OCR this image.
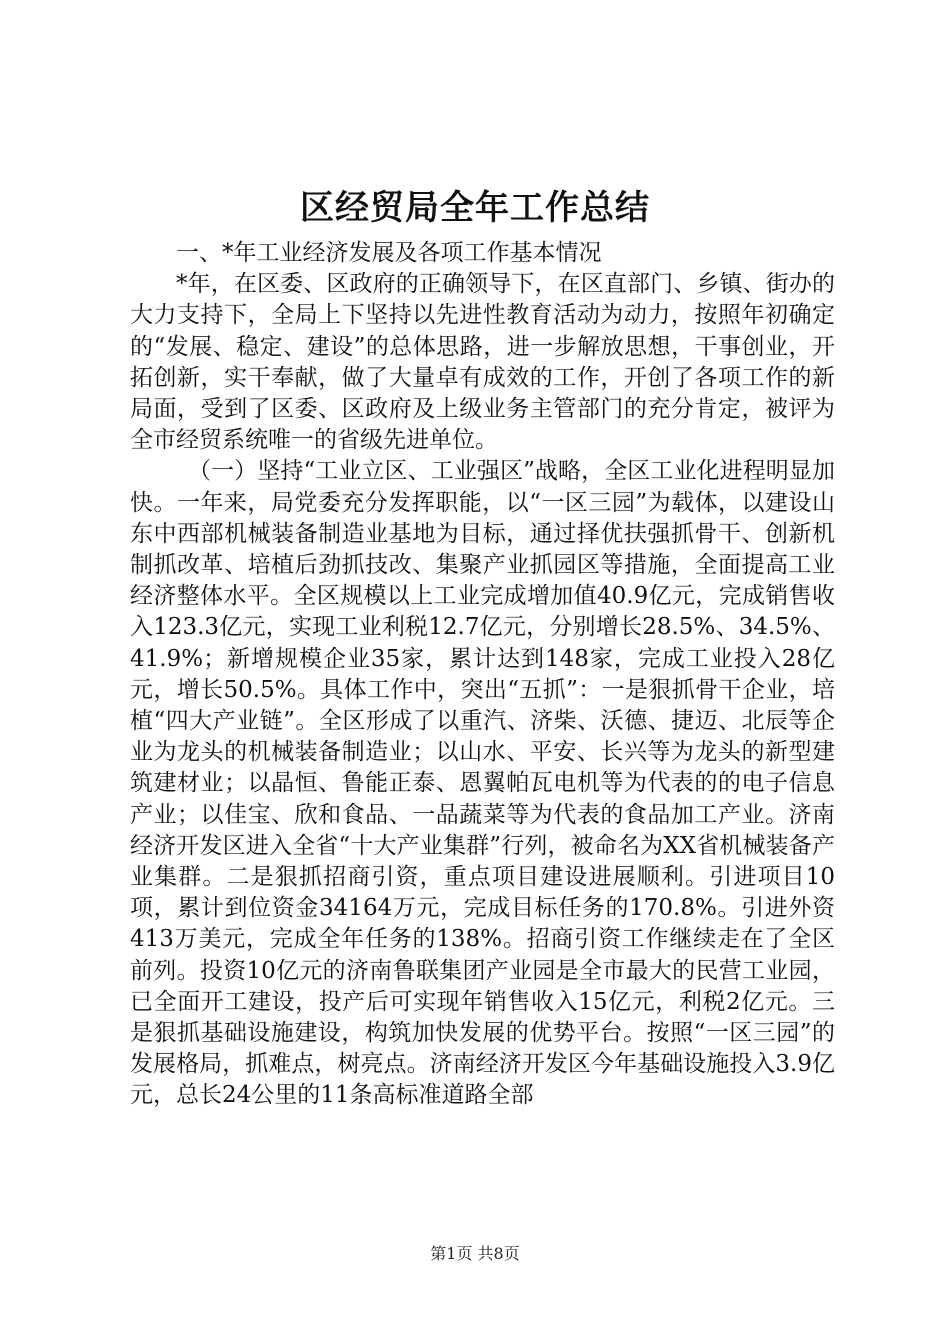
区经贸局全年工作总结

一、*年工业经济发展及各项工作基本情况

*年，在区委、区政府的正确领导下，在区直部门、乡镇、街办的大力支持下，全局上下坚持以先进性教育活动为动力，按照年初确定的“发展、稳定、建设”的总体思路，进一步解放思想，干事创业，开拓创新，实干奉献，做了大量卓有成效的工作，开创了各项工作的新局面，受到了区委、区政府及上级业务主管部门的充分肯定，被评为全市经贸系统唯一的省级先进单位。

（一）坚持“工业立区、工业强区”战略，全区工业化进程明显加快。一年来，局党委充分发挥职能，以“一区三园”为载体，以建设山东中西部机械装备制造业基地为目标，通过择优扶强抓骨干、创新机制抓改革、培植后劲抓技改、集聚产业抓园区等措施，全面提高工业经济整体水平。全区规模以上工业完成增加值40.9亿元，完成销售收入123.3亿元，实现工业利税12.7亿元，分别增长28.5%、34.5%、41.9%；新增规模企业35家，累计达到148家，完成工业投入28亿元，增长50.5%。具体工作中，突出“五抓”：一是狠抓骨干企业，培植“四大产业链”。全区形成了以重汽、济柴、沃德、捷迈、北辰等企业为龙头的机械装备制造业；以山水、平安、长兴等为龙头的新型建筑建材业；以晶恒、鲁能正泰、恩翼帕瓦电机等为代表的的电子信息产业；以佳宝、欣和食品、一品蔬菜等为代表的食品加工产业。济南经济开发区进入全省“十大产业集群”行列，被命名为XX省机械装备产业集群。二是狠抓招商引资，重点项目建设进展顺利。引进项目10项，累计到位资金34164万元，完成目标任务的170.8%。引进外资413万美元，完成全年任务的138%。招商引资工作继续走在了全区前列。投资10亿元的济南鲁联集团产业园是全市最大的民营工业园，已全面开工建设，投产后可实现年销售收入15亿元，利税2亿元。三是狠抓基础设施建设，构筑加快发展的优势平台。按照“一区三园”的发展格局，抓难点，树亮点。济南经济开发区今年基础设施投入3.9亿元，总长24公里的11条高标准道路全部

第1页 共8页
